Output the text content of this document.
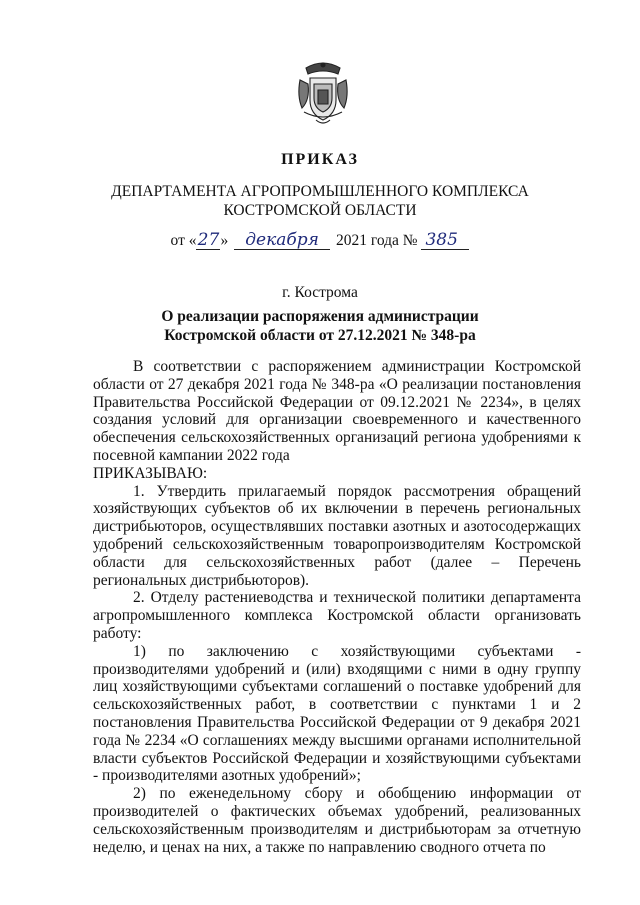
ПРИКАЗ
ДЕПАРТАМЕНТА АГРОПРОМЫШЛЕННОГО КОМПЛЕКСА
КОСТРОМСКОЙ ОБЛАСТИ
от «27» декабря 2021 года № 385
г. Кострома
О реализации распоряжения администрации
Костромской области от 27.12.2021 № 348-ра

В соответствии с распоряжением администрации Костромской области от 27 декабря 2021 года № 348-ра «О реализации постановления Правительства Российской Федерации от 09.12.2021 № 2234», в целях создания условий для организации своевременного и качественного обеспечения сельскохозяйственных организаций региона удобрениями к посевной кампании 2022 года

ПРИКАЗЫВАЮ:

1. Утвердить прилагаемый порядок рассмотрения обращений хозяйствующих субъектов об их включении в перечень региональных дистрибьюторов, осуществлявших поставки азотных и азотосодержащих удобрений сельскохозяйственным товаропроизводителям Костромской области для сельскохозяйственных работ (далее – Перечень региональных дистрибьюторов).

2. Отделу растениеводства и технической политики департамента агропромышленного комплекса Костромской области организовать работу:

1) по заключению с хозяйствующими субъектами - производителями удобрений и (или) входящими с ними в одну группу лиц хозяйствующими субъектами соглашений о поставке удобрений для сельскохозяйственных работ, в соответствии с пунктами 1 и 2 постановления Правительства Российской Федерации от 9 декабря 2021 года № 2234 «О соглашениях между высшими органами исполнительной власти субъектов Российской Федерации и хозяйствующими субъектами - производителями азотных удобрений»;

2) по еженедельному сбору и обобщению информации от производителей о фактических объемах удобрений, реализованных сельскохозяйственным производителям и дистрибьюторам за отчетную неделю, и ценах на них, а также по направлению сводного отчета по
